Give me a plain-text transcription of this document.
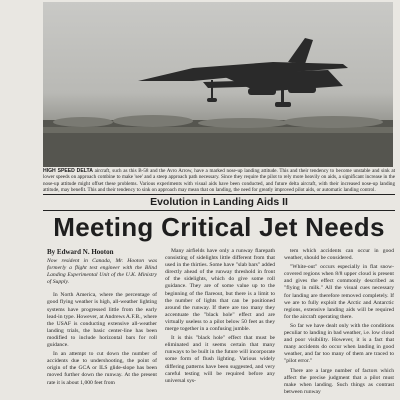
HIGH SPEED DELTA aircraft, such as this B-58 and the Avro Arrow, have a marked nose-up landing attitude. This and their tendency to become unstable and sink at lower speeds on approach combine to make 'see' and a steep approach path necessary. Since they require the pilot to rely more heavily on aids, a significant increase in the nose-up attitude might offset these problems. Various experiments with visual aids have been conducted, and future delta aircraft, with their increased nose-up landing attitude, may benefit. This and their tendency to sink on approach may mean that on landing, the need for greatly improved pilot aids, or automatic landing control.
Evolution in Landing Aids II
Meeting Critical Jet Needs
By Edward N. Hooton

Now resident in Canada, Mr. Hooton was formerly a flight test engineer with the Blind Landing Experimental Unit of the U.K. Ministry of Supply.

In North America, where the percentage of good flying weather is high, all-weather lighting systems have progressed little from the early lead-in type. However, at Andrews A.F.B., where the USAF is conducting extensive all-weather landing trials, the basic center-line has been modified to include horizontal bars for roll guidance.

In an attempt to cut down the number of accidents due to undershooting, the point of origin of the GCA or ILS glide-slope has been moved further down the runway. At the present rate it is about 1,000 feet from

Many airfields have only a runway flarepath consisting of sidelights little different from that used in the thirties. Some have "slab bars" added directly ahead of the runway threshold in front of the sidelights, which do give some roll guidance. They are of some value up to the beginning of the flareout, but there is a limit to the number of lights that can be positioned around the runway. If there are too many they accentuate the "black hole" effect and are virtually useless to a pilot below 50 feet as they merge together in a confusing jumble.

It is this "black hole" effect that must be eliminated and it seems certain that many runways to be built in the future will incorporate some form of flush lighting. Various widely differing patterns have been suggested, and very careful testing will be required before any universal sys-

tem which accidents can occur in good weather, should be considered.

"White-out" occurs especially in flat snow-covered regions when 8/8 upper cloud is present and gives the effect commonly described as "flying in milk." All the visual cues necessary for landing are therefore removed completely. If we are to fully exploit the Arctic and Antarctic regions, extensive landing aids will be required for the aircraft operating there.

So far we have dealt only with the conditions peculiar to landing in bad weather, i.e. low cloud and poor visibility. However, it is a fact that many accidents do occur when landing in good weather, and far too many of them are traced to "pilot error."

There are a large number of factors which affect the precise judgment that a pilot must make when landing. Such things as contrast between runway
